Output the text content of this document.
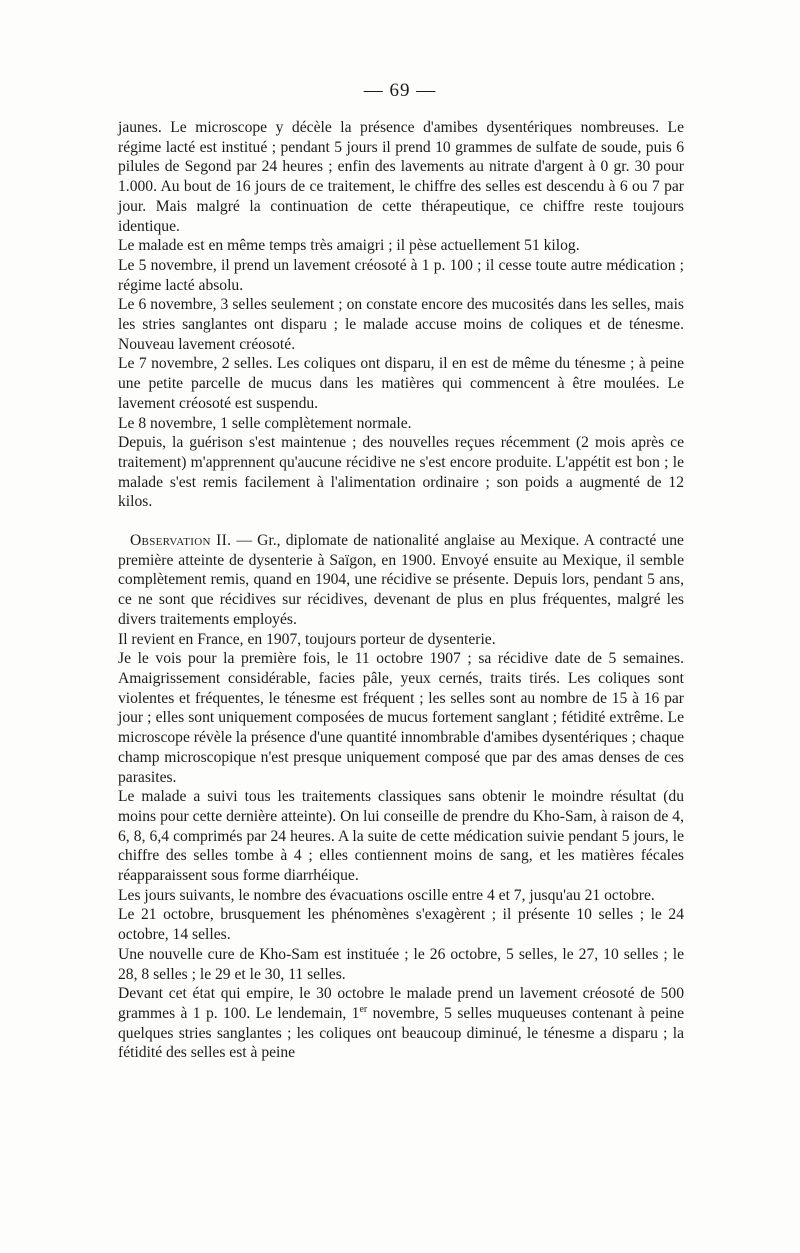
— 69 —

jaunes. Le microscope y décèle la présence d'amibes dysentériques nombreuses. Le régime lacté est institué ; pendant 5 jours il prend 10 grammes de sulfate de soude, puis 6 pilules de Segond par 24 heures ; enfin des lavements au nitrate d'argent à 0 gr. 30 pour 1.000. Au bout de 16 jours de ce traitement, le chiffre des selles est descendu à 6 ou 7 par jour. Mais malgré la continuation de cette thérapeutique, ce chiffre reste toujours identique.

Le malade est en même temps très amaigri ; il pèse actuellement 51 kilog.

Le 5 novembre, il prend un lavement créosoté à 1 p. 100 ; il cesse toute autre médication ; régime lacté absolu.

Le 6 novembre, 3 selles seulement ; on constate encore des mucosités dans les selles, mais les stries sanglantes ont disparu ; le malade accuse moins de coliques et de ténesme. Nouveau lavement créosoté.

Le 7 novembre, 2 selles. Les coliques ont disparu, il en est de même du ténesme ; à peine une petite parcelle de mucus dans les matières qui commencent à être moulées. Le lavement créosoté est suspendu.

Le 8 novembre, 1 selle complètement normale.

Depuis, la guérison s'est maintenue ; des nouvelles reçues récemment (2 mois après ce traitement) m'apprennent qu'aucune récidive ne s'est encore produite. L'appétit est bon ; le malade s'est remis facilement à l'alimentation ordinaire ; son poids a augmenté de 12 kilos.

Observation II. — Gr., diplomate de nationalité anglaise au Mexique. A contracté une première atteinte de dysenterie à Saïgon, en 1900. Envoyé ensuite au Mexique, il semble complètement remis, quand en 1904, une récidive se présente. Depuis lors, pendant 5 ans, ce ne sont que récidives sur récidives, devenant de plus en plus fréquentes, malgré les divers traitements employés.

Il revient en France, en 1907, toujours porteur de dysenterie.

Je le vois pour la première fois, le 11 octobre 1907 ; sa récidive date de 5 semaines. Amaigrissement considérable, facies pâle, yeux cernés, traits tirés. Les coliques sont violentes et fréquentes, le ténesme est fréquent ; les selles sont au nombre de 15 à 16 par jour ; elles sont uniquement composées de mucus fortement sanglant ; fétidité extrême. Le microscope révèle la présence d'une quantité innombrable d'amibes dysentériques ; chaque champ microscopique n'est presque uniquement composé que par des amas denses de ces parasites.

Le malade a suivi tous les traitements classiques sans obtenir le moindre résultat (du moins pour cette dernière atteinte). On lui conseille de prendre du Kho-Sam, à raison de 4, 6, 8, 6,4 comprimés par 24 heures. A la suite de cette médication suivie pendant 5 jours, le chiffre des selles tombe à 4 ; elles contiennent moins de sang, et les matières fécales réapparaissent sous forme diarrhéique.

Les jours suivants, le nombre des évacuations oscille entre 4 et 7, jusqu'au 21 octobre.

Le 21 octobre, brusquement les phénomènes s'exagèrent ; il présente 10 selles ; le 24 octobre, 14 selles.

Une nouvelle cure de Kho-Sam est instituée ; le 26 octobre, 5 selles, le 27, 10 selles ; le 28, 8 selles ; le 29 et le 30, 11 selles.

Devant cet état qui empire, le 30 octobre le malade prend un lavement créosoté de 500 grammes à 1 p. 100. Le lendemain, 1er novembre, 5 selles muqueuses contenant à peine quelques stries sanglantes ; les coliques ont beaucoup diminué, le ténesme a disparu ; la fétidité des selles est à peine
